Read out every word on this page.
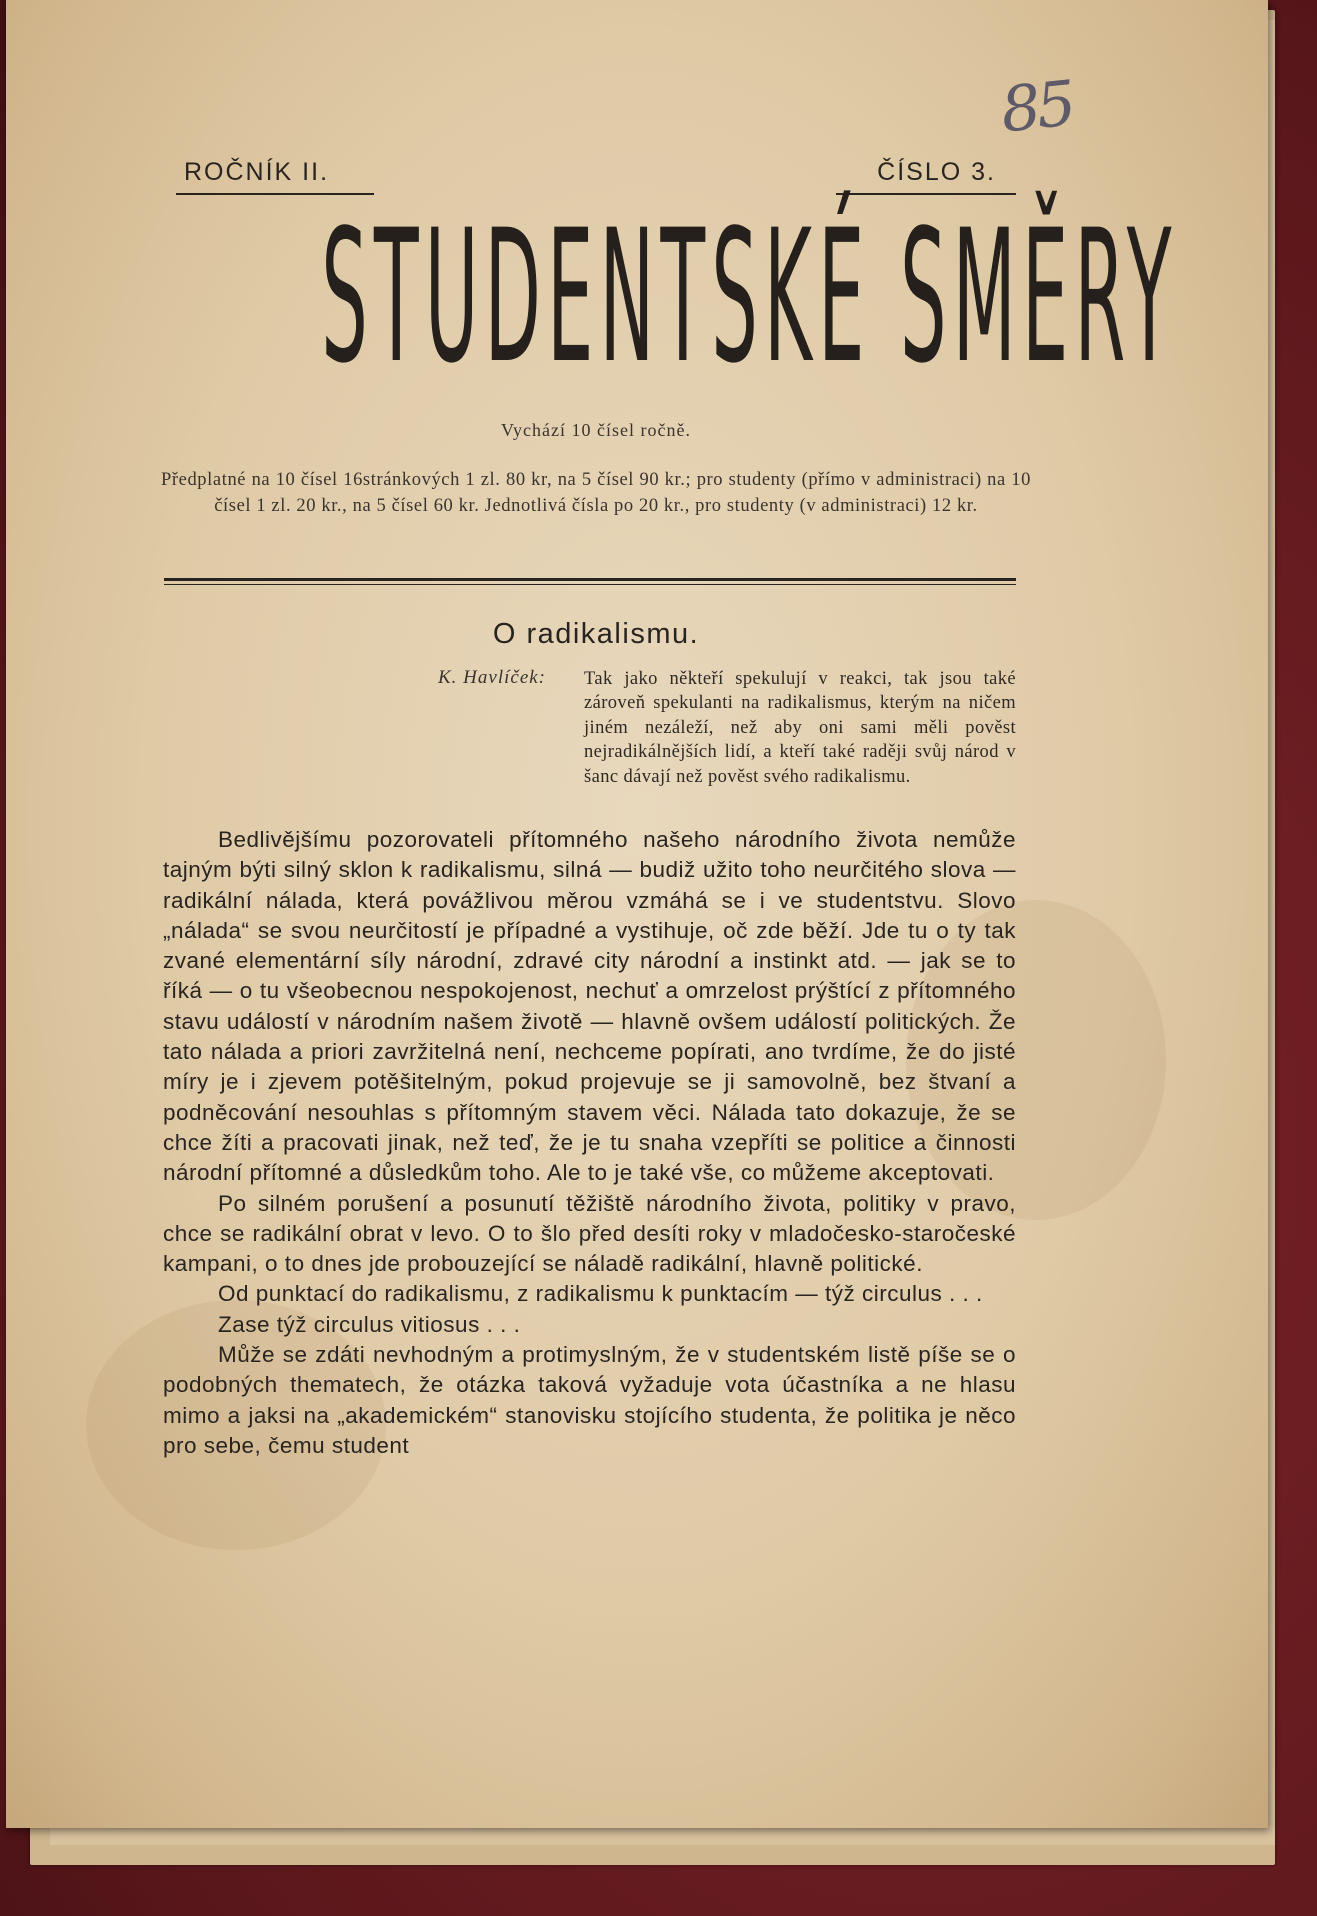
85
ROČNÍK II.	ČÍSLO 3.
STUDENTSKÉ SMĚRY
Vychází 10 čísel ročně.
Předplatné na 10 čísel 16stránkových 1 zl. 80 kr, na 5 čísel 90 kr.; pro studenty (přímo v administraci) na 10 čísel 1 zl. 20 kr., na 5 čísel 60 kr. Jednotlivá čísla po 20 kr., pro studenty (v administraci) 12 kr.
O radikalismu.
K. Havlíček: Tak jako někteří spekulují v reakci, tak jsou také zároveň spekulanti na radikalismus, kterým na ničem jiném nezáleží, než aby oni sami měli pověst nejradikálnějších lidí, a kteří také raději svůj národ v šanc dávají než pověst svého radikalismu.

Bedlivějšímu pozorovateli přítomného našeho národního života nemůže tajným býti silný sklon k radikalismu, silná — budiž užito toho neurčitého slova — radikální nálada, která povážlivou měrou vzmáhá se i ve studentstvu. Slovo „nálada“ se svou neurčitostí je případné a vystihuje, oč zde běží. Jde tu o ty tak zvané elementární síly národní, zdravé city národní a instinkt atd. — jak se to říká — o tu všeobecnou nespokojenost, nechuť a omrzelost prýštící z přítomného stavu událostí v národním našem životě — hlavně ovšem událostí politických. Že tato nálada a priori zavržitelná není, nechceme popírati, ano tvrdíme, že do jisté míry je i zjevem potěšitelným, pokud projevuje se ji samovolně, bez štvaní a podněcování nesouhlas s přítomným stavem věci. Nálada tato dokazuje, že se chce žíti a pracovati jinak, než teď, že je tu snaha vzepříti se politice a činnosti národní přítomné a důsledkům toho. Ale to je také vše, co můžeme akceptovati.

Po silném porušení a posunutí těžiště národního života, politiky v pravo, chce se radikální obrat v levo. O to šlo před desíti roky v mladočesko-staročeské kampani, o to dnes jde probouzející se náladě radikální, hlavně politické.

Od punktací do radikalismu, z radikalismu k punktacím — týž circulus . . .

Zase týž circulus vitiosus . . .

Může se zdáti nevhodným a protimyslným, že v studentském listě píše se o podobných thematech, že otázka taková vyžaduje vota účastníka a ne hlasu mimo a jaksi na „akademickém“ stanovisku stojícího studenta, že politika je něco pro sebe, čemu student
